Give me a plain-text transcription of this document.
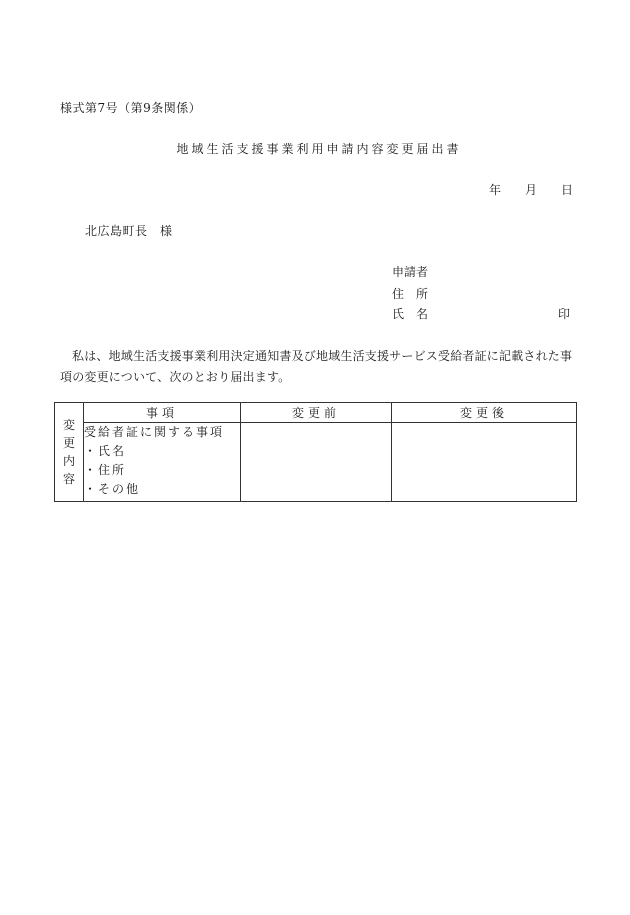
様式第7号（第9条関係）
地域生活支援事業利用申請内容変更届出書
年 月 日
北広島町長　様
申請者
住所
氏名	印
私は、地域生活支援事業利用決定通知書及び地域生活支援サービス受給者証に記載された事項の変更について、次のとおり届出ます。
変
更
内
容	事項	変更前	変更後

	受給者証に関する事項
・氏名
・住所
・その他		
